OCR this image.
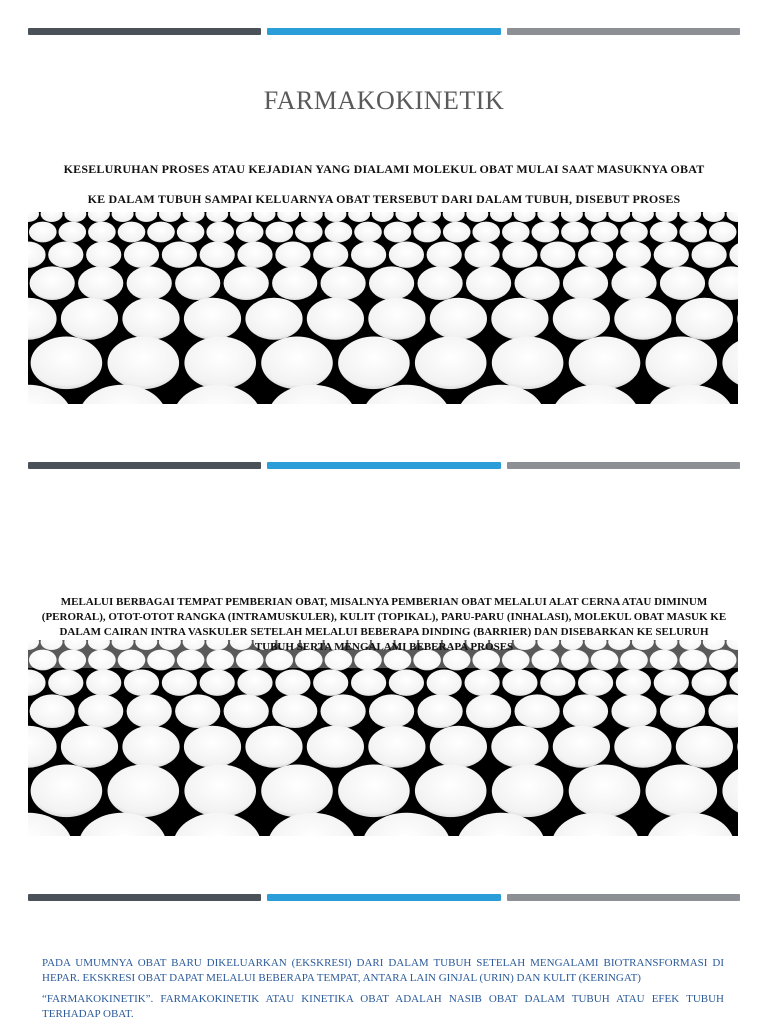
FARMAKOKINETIK
KESELURUHAN PROSES ATAU KEJADIAN YANG DIALAMI MOLEKUL OBAT MULAI SAAT MASUKNYA OBAT
KE DALAM TUBUH SAMPAI KELUARNYA OBAT TERSEBUT DARI DALAM TUBUH, DISEBUT PROSES
MELALUI BERBAGAI TEMPAT PEMBERIAN OBAT, MISALNYA PEMBERIAN OBAT MELALUI ALAT CERNA ATAU DIMINUM (PERORAL), OTOT-OTOT RANGKA (INTRAMUSKULER), KULIT (TOPIKAL), PARU-PARU (INHALASI), MOLEKUL OBAT MASUK KE DALAM CAIRAN INTRA VASKULER SETELAH MELALUI BEBERAPA DINDING (BARRIER) DAN DISEBARKAN KE SELURUH TUBUH SERTA MENGALAMI BEBERAPA PROSES
PADA UMUMNYA OBAT BARU DIKELUARKAN (EKSKRESI) DARI DALAM TUBUH SETELAH MENGALAMI BIOTRANSFORMASI DI HEPAR. EKSKRESI OBAT DAPAT MELALUI BEBERAPA TEMPAT, ANTARA LAIN GINJAL (URIN) DAN KULIT (KERINGAT)
“FARMAKOKINETIK”. FARMAKOKINETIK ATAU KINETIKA OBAT ADALAH NASIB OBAT DALAM TUBUH ATAU EFEK TUBUH TERHADAP OBAT.
